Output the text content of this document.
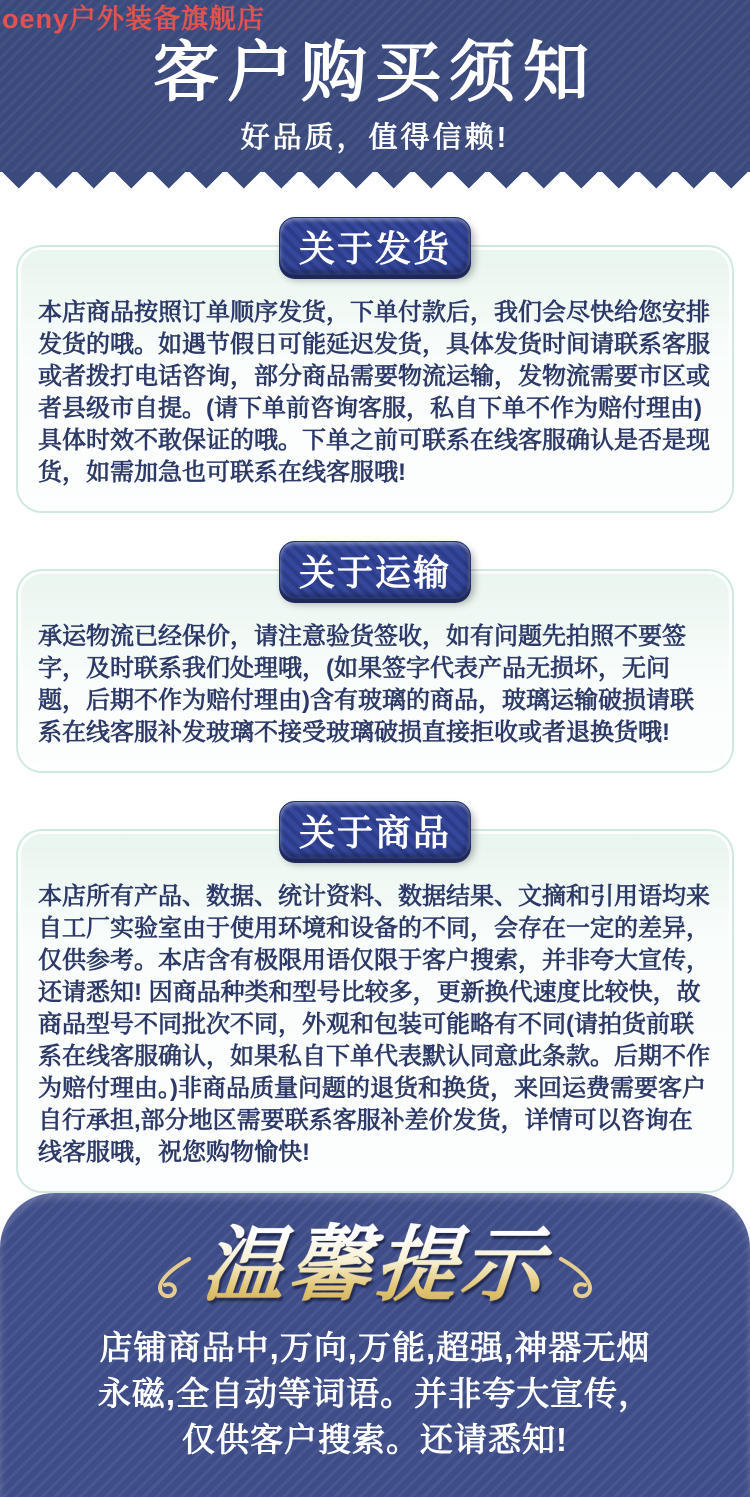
oeny户外装备旗舰店
客户购买须知
好品质，值得信赖!
关于发货

本店商品按照订单顺序发货，下单付款后，我们会尽快给您安排发货的哦。如遇节假日可能延迟发货，具体发货时间请联系客服或者拨打电话咨询，部分商品需要物流运输，发物流需要市区或者县级市自提。(请下单前咨询客服，私自下单不作为赔付理由)具体时效不敢保证的哦。下单之前可联系在线客服确认是否是现货，如需加急也可联系在线客服哦!

关于运输

承运物流已经保价，请注意验货签收，如有问题先拍照不要签字，及时联系我们处理哦，(如果签字代表产品无损坏，无问题，后期不作为赔付理由)含有玻璃的商品，玻璃运输破损请联系在线客服补发玻璃不接受玻璃破损直接拒收或者退换货哦!

关于商品

本店所有产品、数据、统计资料、数据结果、文摘和引用语均来自工厂实验室由于使用环境和设备的不同，会存在一定的差异，仅供参考。本店含有极限用语仅限于客户搜索，并非夸大宣传，还请悉知! 因商品种类和型号比较多，更新换代速度比较快，故商品型号不同批次不同，外观和包装可能略有不同(请拍货前联系在线客服确认，如果私自下单代表默认同意此条款。后期不作为赔付理由。)非商品质量问题的退货和换货，来回运费需要客户自行承担,部分地区需要联系客服补差价发货，详情可以咨询在线客服哦，祝您购物愉快!

温馨提示
店铺商品中,万向,万能,超强,神器无烟
永磁,全自动等词语。并非夸大宣传，
仅供客户搜索。还请悉知!
